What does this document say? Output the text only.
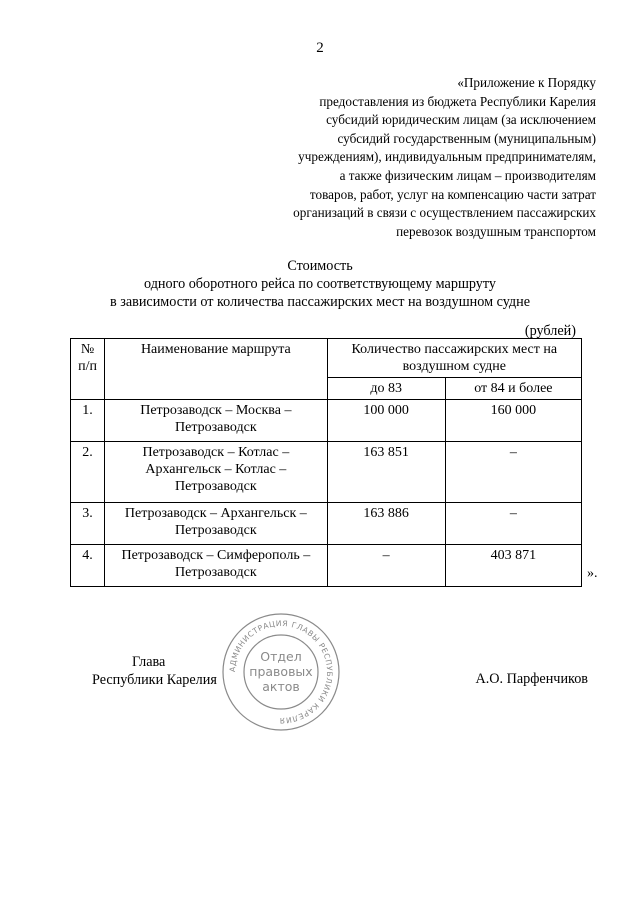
2
«Приложение к Порядку
предоставления из бюджета Республики Карелия
субсидий юридическим лицам (за исключением
субсидий государственным (муниципальным)
учреждениям), индивидуальным предпринимателям,
а также физическим лицам – производителям
товаров, работ, услуг на компенсацию части затрат
организаций в связи с осуществлением пассажирских
перевозок воздушным транспортом
Стоимость
одного оборотного рейса по соответствующему маршруту
в зависимости от количества пассажирских мест на воздушном судне
(рублей)
№ п/п	Наименование маршрута	Количество пассажирских мест на воздушном судне	
		до 83	от 84 и более
1.	Петрозаводск – Москва – Петрозаводск	100 000	160 000
2.	Петрозаводск – Котлас – Архангельск – Котлас – Петрозаводск	163 851	–
3.	Петрозаводск – Архангельск – Петрозаводск	163 886	–
4.	Петрозаводск – Симферополь – Петрозаводск	–	403 871
».
Глава
Республики Карелия	А.О. Парфенчиков
АДМИНИСТРАЦИЯ ГЛАВЫ РЕСПУБЛИКИ КАРЕЛИЯ
Отдел
правовых
актов
